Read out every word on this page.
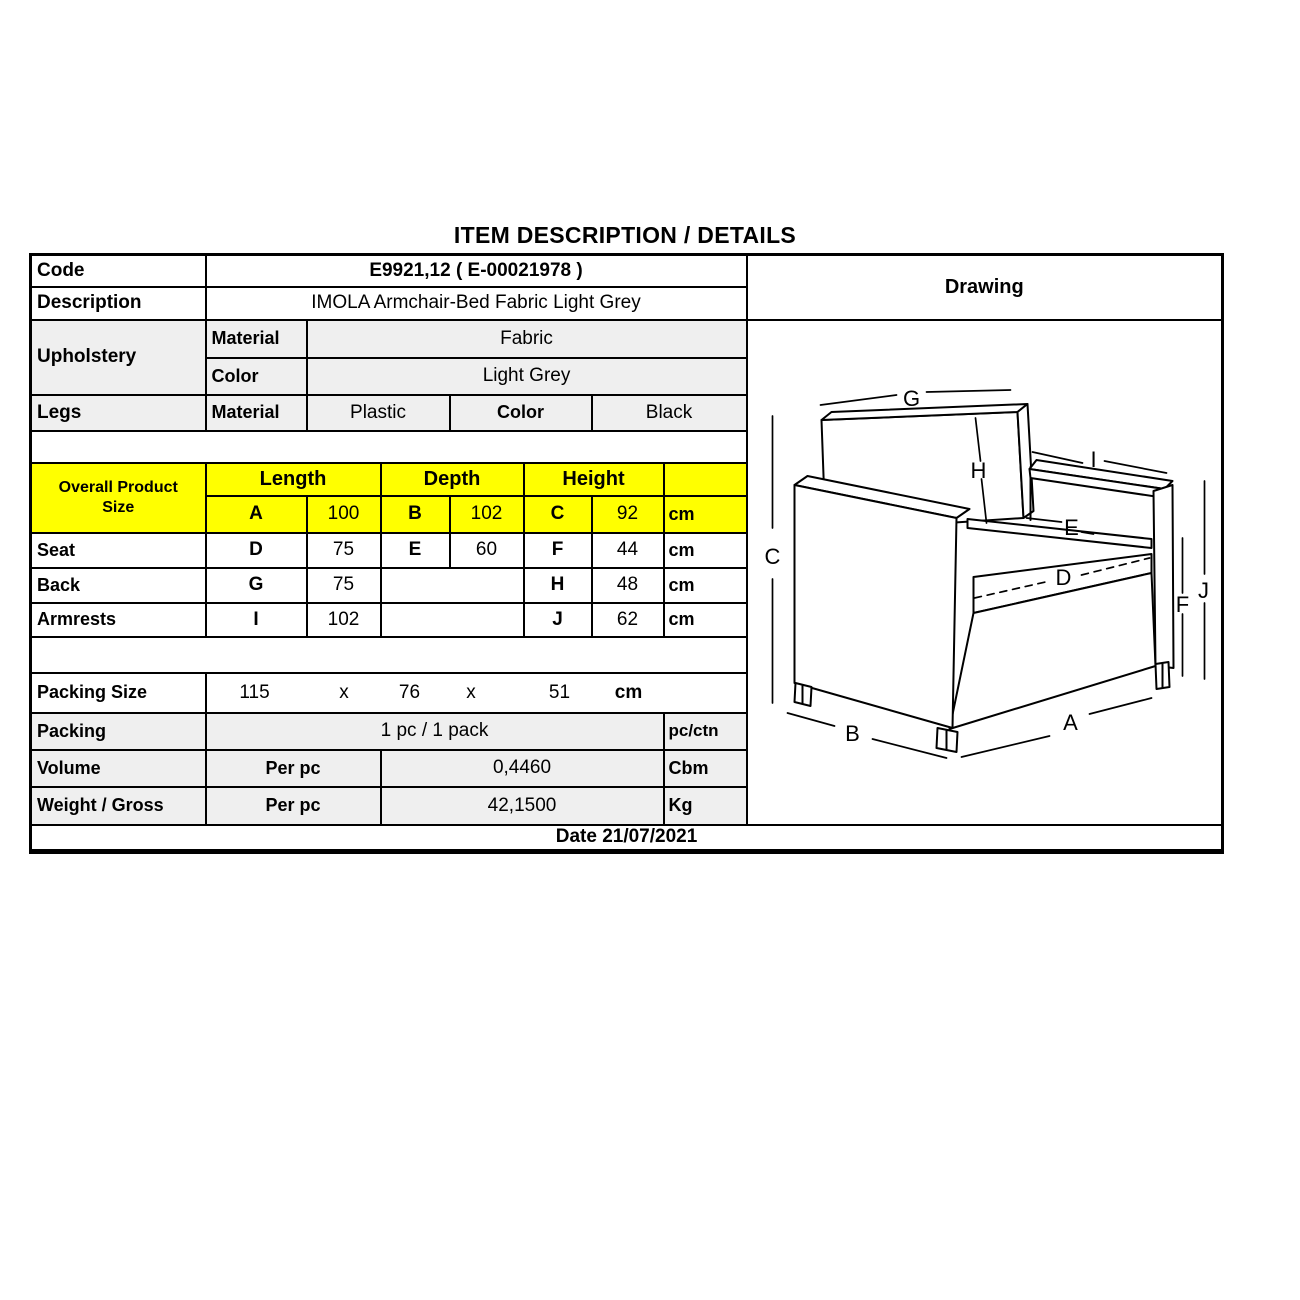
ITEM DESCRIPTION / DETAILS
Code	E9921,12 ( E-00021978 )							Drawing
Description	IMOLA Armchair-Bed Fabric Light Grey							
Upholstery	Material	Fabric	
C
G
H	I
E
D
F
J
A
B

	Color	Light Grey						
Legs	Material	Plastic		Color		Black		

Overall Product
Size	Length		Depth		Height			
	A	100	B	102	C	92	cm	
Seat	D	75	E	60	F	44	cm	
Back	G	75			H	48	cm	
Armrests	I	102			J	62	cm	

Packing Size	115	x	76	x	51	cm

Packing	1 pc / 1 pack						pc/ctn	
Volume	Per pc		0,4460				Cbm	
Weight / Gross	Per pc		42,1500				Kg	
Date 21/07/2021								
